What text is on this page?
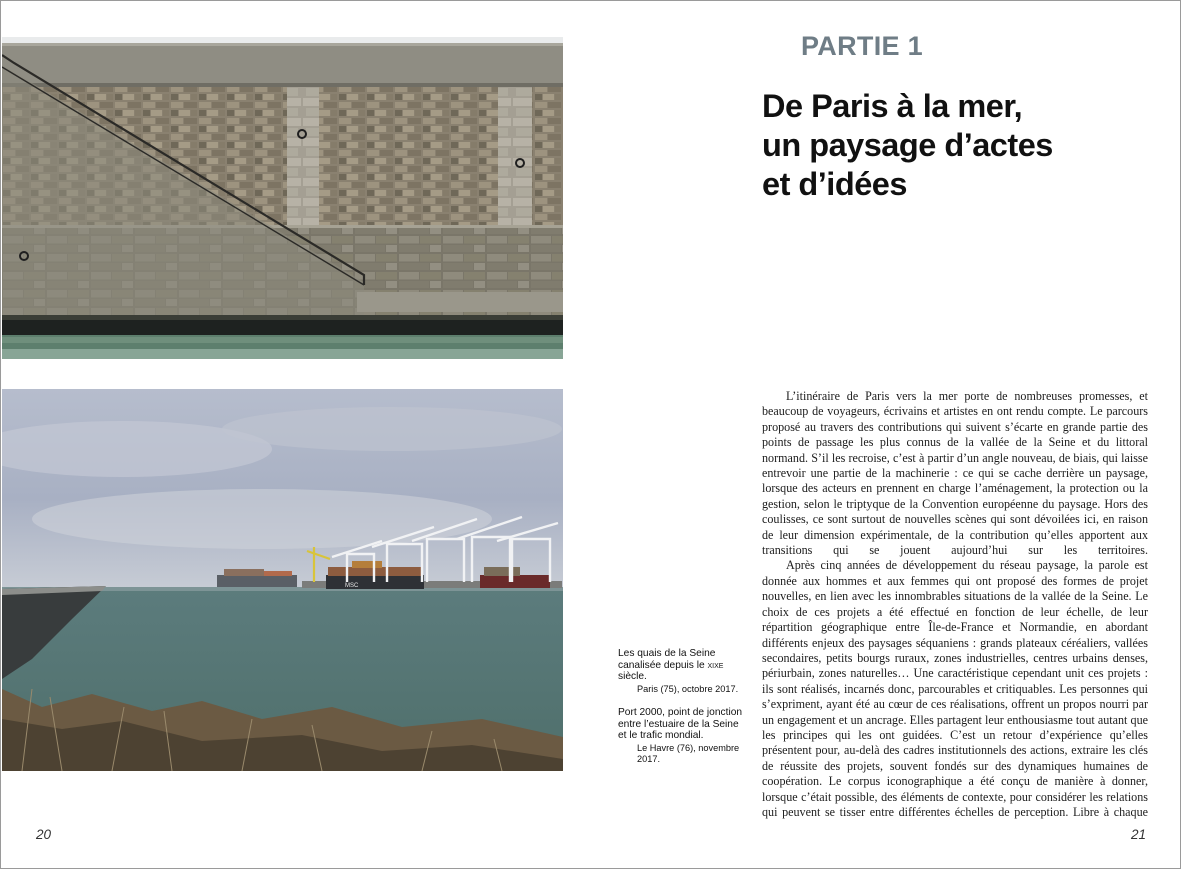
MSC
Les quais de la Seine canalisée depuis le xixe siècle.
Paris (75), octobre 2017.
Port 2000, point de jonction entre l’estuaire de la Seine et le trafic mondial.
Le Havre (76), novembre 2017.
PARTIE 1
De Paris à la mer,
un paysage d’actes
et d’idées

L’itinéraire de Paris vers la mer porte de nombreuses promesses, et beaucoup de voyageurs, écrivains et artistes en ont rendu compte. Le parcours proposé au travers des contributions qui suivent s’écarte en grande partie des points de passage les plus connus de la vallée de la Seine et du littoral normand. S’il les recroise, c’est à partir d’un angle nouveau, de biais, qui laisse entrevoir une partie de la machinerie : ce qui se cache derrière un paysage, lorsque des acteurs en prennent en charge l’aménagement, la protection ou la gestion, selon le triptyque de la Convention européenne du paysage. Hors des coulisses, ce sont surtout de nouvelles scènes qui sont dévoilées ici, en raison de leur dimension expérimentale, de la contribution qu’elles apportent aux transitions qui se jouent aujourd’hui sur les territoires.

Après cinq années de développement du réseau paysage, la parole est donnée aux hommes et aux femmes qui ont proposé des formes de projet nouvelles, en lien avec les innombrables situations de la vallée de la Seine. Le choix de ces projets a été effectué en fonction de leur échelle, de leur répartition géographique entre Île-de-France et Normandie, en abordant différents enjeux des paysages séquaniens : grands plateaux céréaliers, vallées secondaires, petits bourgs ruraux, zones industrielles, centres urbains denses, périurbain, zones naturelles… Une caractéristique cependant unit ces projets : ils sont réalisés, incarnés donc, parcourables et critiquables. Les personnes qui s’expriment, ayant été au cœur de ces réalisations, offrent un propos nourri par un engagement et un ancrage. Elles partagent leur enthousiasme tout autant que les principes qui les ont guidées. C’est un retour d’expérience qu’elles présentent pour, au-delà des cadres institutionnels des actions, extraire les clés de réussite des projets, souvent fondés sur des dynamiques humaines de coopération. Le corpus iconographique a été conçu de manière à donner, lorsque c’était possible, des éléments de contexte, pour considérer les relations qui peuvent se tisser entre différentes échelles de perception. Libre à chaque

20	21
